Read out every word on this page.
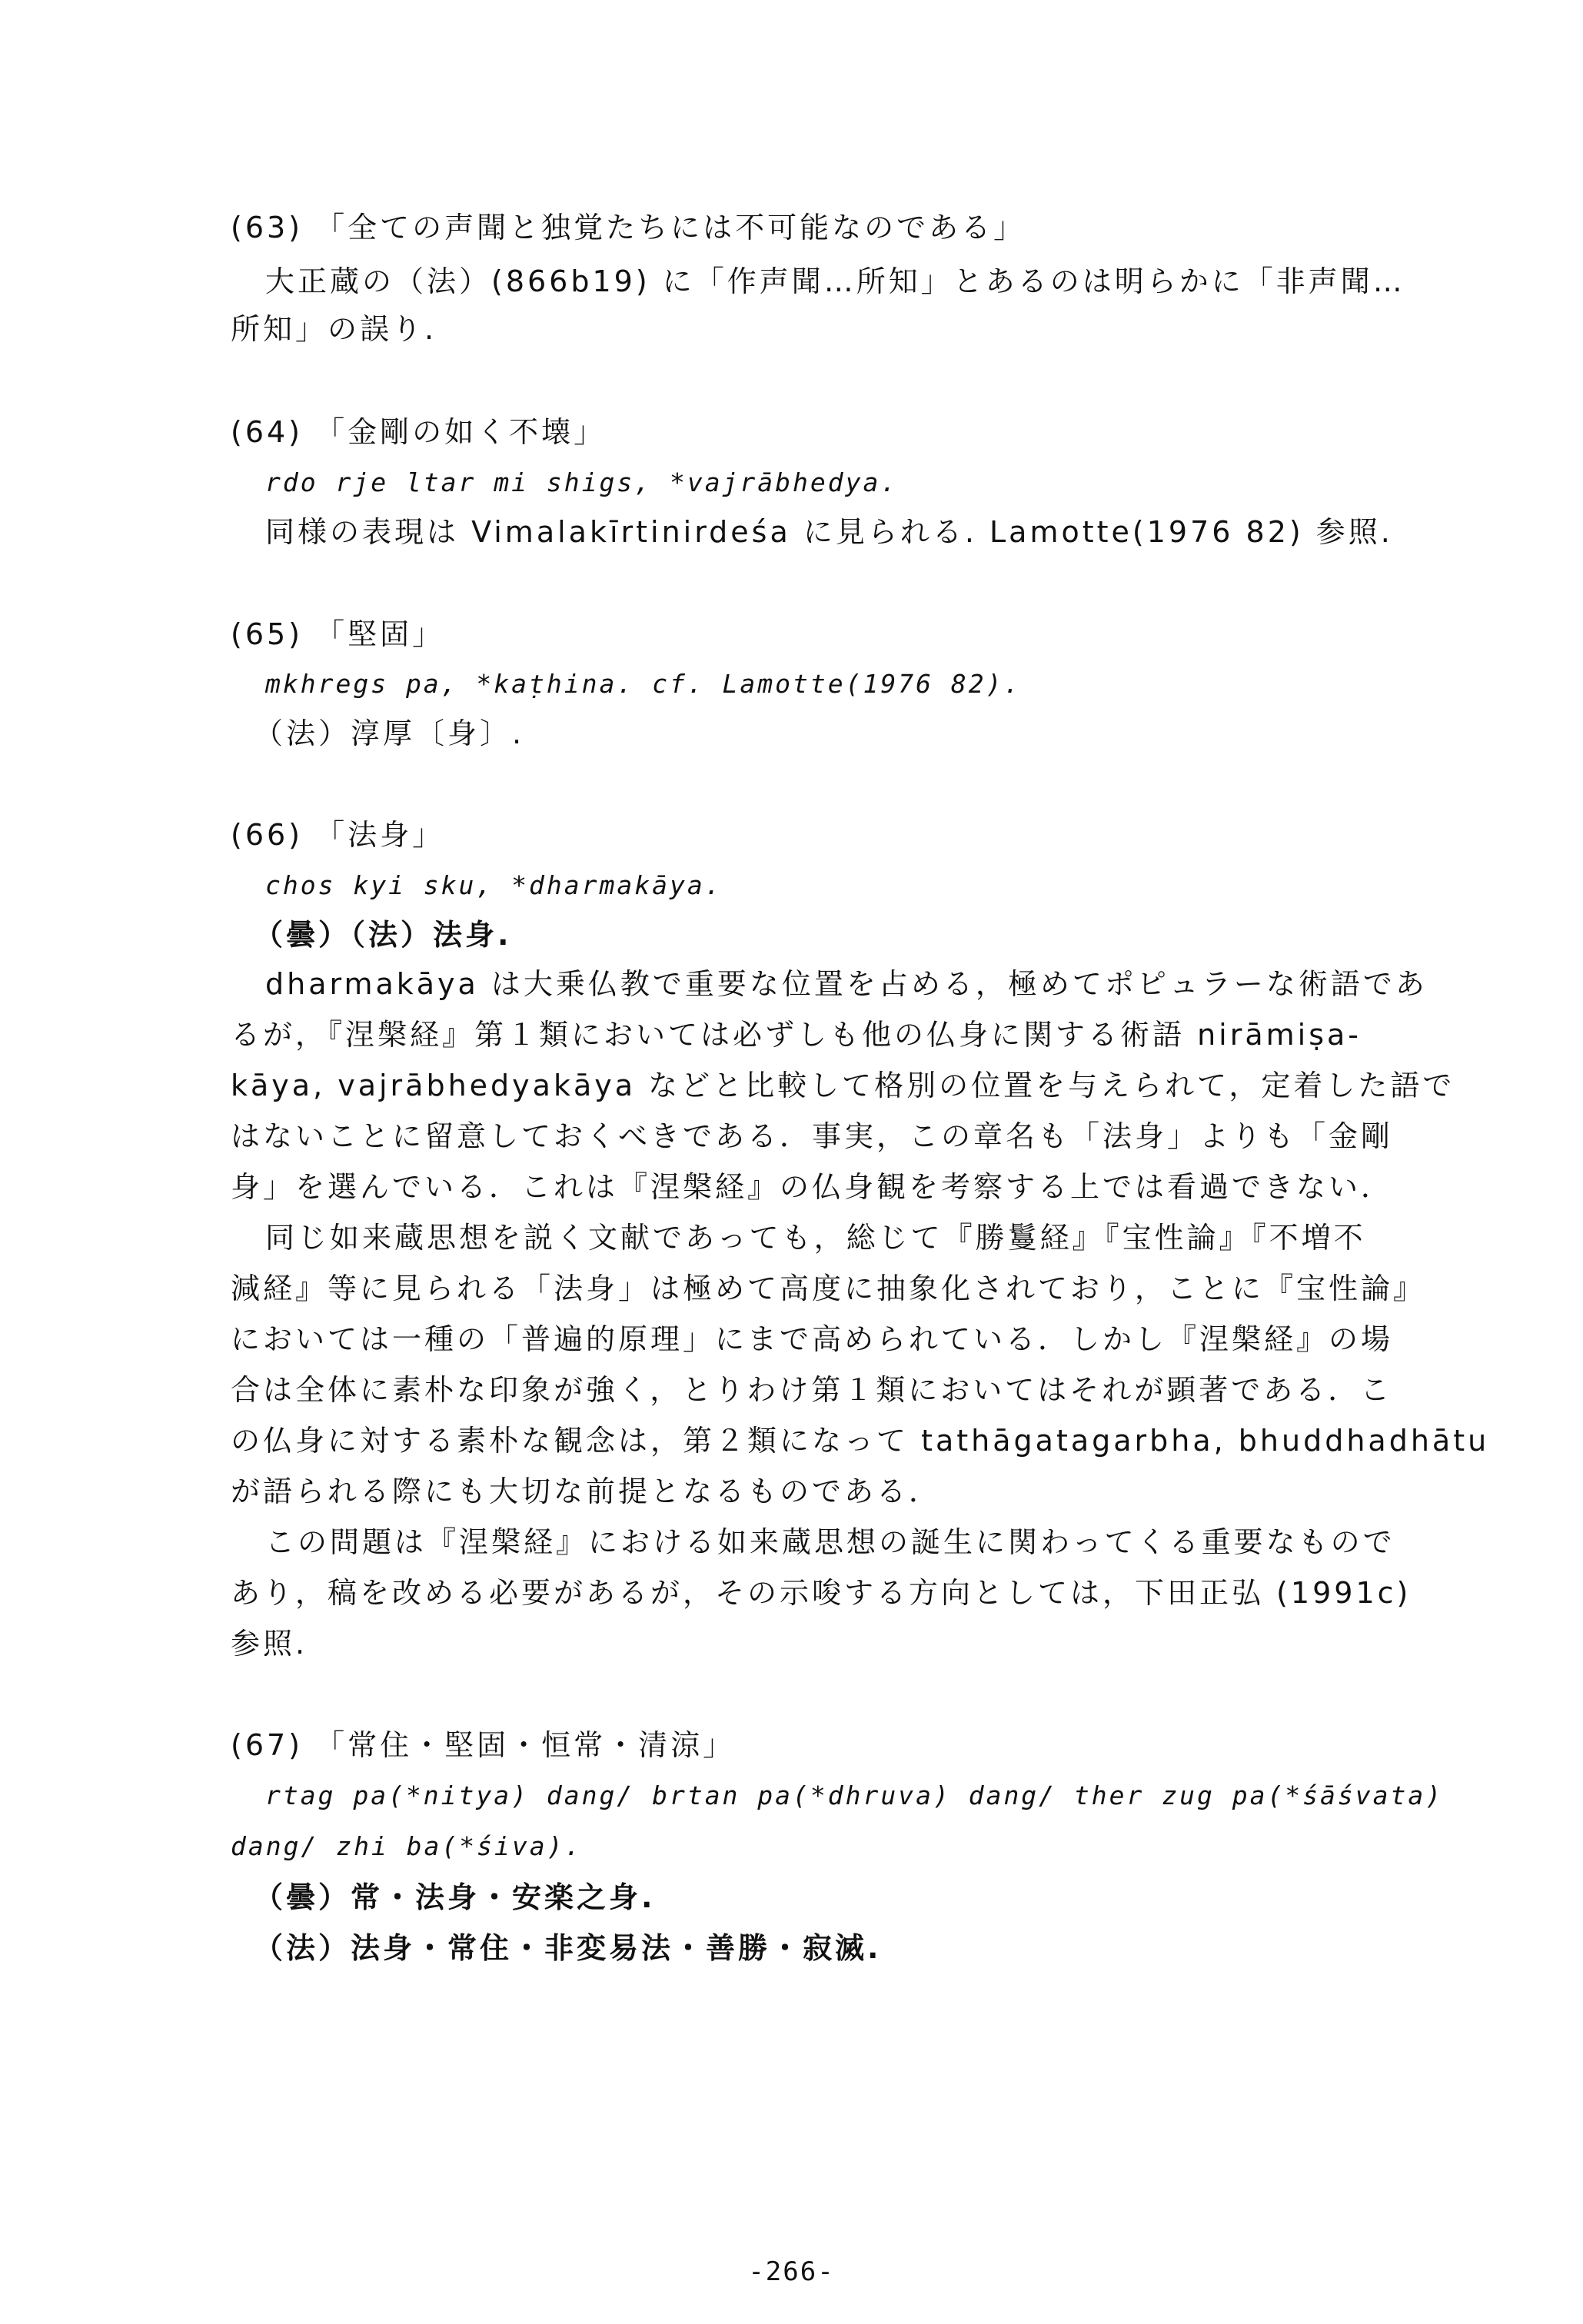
(63) 「全ての声聞と独覚たちには不可能なのである」
大正蔵の（法）(866b19) に「作声聞…所知」とあるのは明らかに「非声聞…
所知」の誤り.
(64) 「金剛の如く不壊」
rdo rje ltar mi shigs, *vajrābhedya.
同様の表現は Vimalakīrtinirdeśa に見られる. Lamotte(1976 82) 参照.
(65) 「堅固」
mkhregs pa, *kaṭhina. cf. Lamotte(1976 82).
（法）淳厚〔身〕.
(66) 「法身」
chos kyi sku, *dharmakāya.
（曇）（法）法身.
dharmakāya は大乗仏教で重要な位置を占める，極めてポピュラーな術語であ
るが，『涅槃経』第１類においては必ずしも他の仏身に関する術語 nirāmiṣa-
kāya, vajrābhedyakāya などと比較して格別の位置を与えられて，定着した語で
はないことに留意しておくべきである．事実，この章名も「法身」よりも「金剛
身」を選んでいる．これは『涅槃経』の仏身観を考察する上では看過できない．
同じ如来蔵思想を説く文献であっても，総じて『勝鬘経』『宝性論』『不増不
減経』等に見られる「法身」は極めて高度に抽象化されており，ことに『宝性論』
においては一種の「普遍的原理」にまで高められている．しかし『涅槃経』の場
合は全体に素朴な印象が強く，とりわけ第１類においてはそれが顕著である．こ
の仏身に対する素朴な観念は，第２類になって tathāgatagarbha, bhuddhadhātu
が語られる際にも大切な前提となるものである．
この問題は『涅槃経』における如来蔵思想の誕生に関わってくる重要なもので
あり，稿を改める必要があるが，その示唆する方向としては，下田正弘 (1991c)
参照.
(67) 「常住・堅固・恒常・清涼」
rtag pa(*nitya) dang/ brtan pa(*dhruva) dang/ ther zug pa(*śāśvata)
dang/ zhi ba(*śiva).
（曇）常・法身・安楽之身.
（法）法身・常住・非変易法・善勝・寂滅.
-266-
